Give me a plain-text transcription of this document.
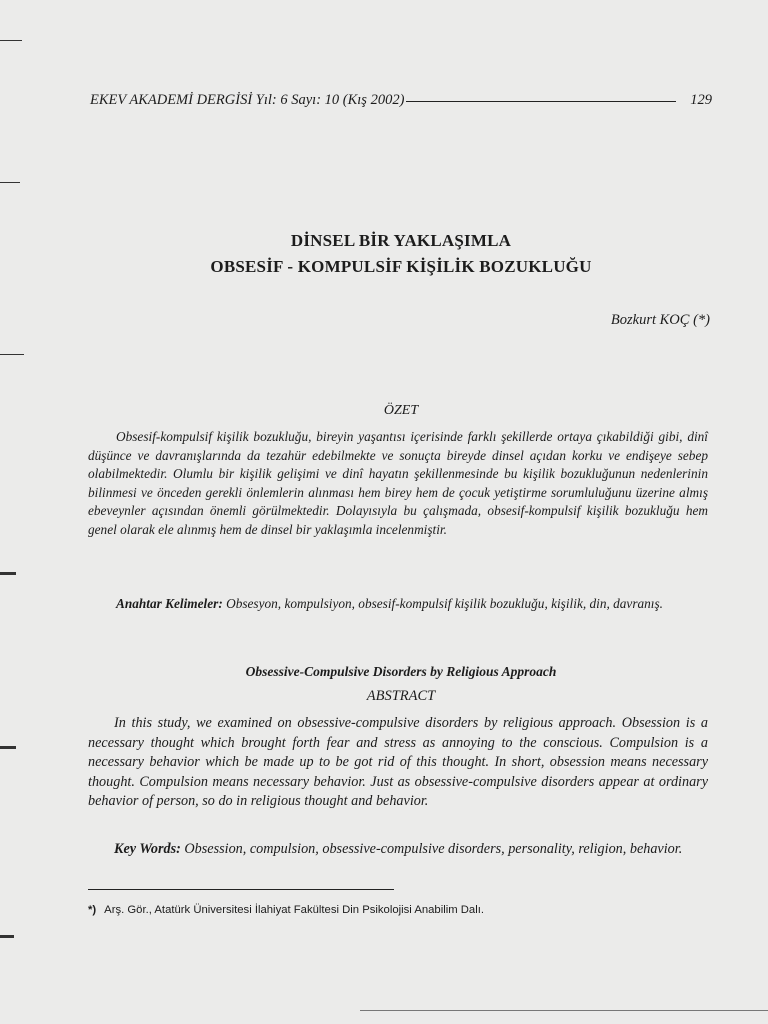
EKEV AKADEMİ DERGİSİ Yıl: 6 Sayı: 10 (Kış 2002)	129
DİNSEL BİR YAKLAŞIMLA
OBSESİF - KOMPULSİF KİŞİLİK BOZUKLUĞU
Bozkurt KOÇ (*)
ÖZET
Obsesif-kompulsif kişilik bozukluğu, bireyin yaşantısı içerisinde farklı şekillerde ortaya çıkabildiği gibi, dinî düşünce ve davranışlarında da tezahür edebilmekte ve sonuçta bireyde dinsel açıdan korku ve endişeye sebep olabilmektedir. Olumlu bir kişilik gelişimi ve dinî hayatın şekillenmesinde bu kişilik bozukluğunun nedenlerinin bilinmesi ve önceden gerekli önlemlerin alınması hem birey hem de çocuk yetiştirme sorumluluğunu üzerine almış ebeveynler açısından önemli görülmektedir. Dolayısıyla bu çalışmada, obsesif-kompulsif kişilik bozukluğu hem genel olarak ele alınmış hem de dinsel bir yaklaşımla incelenmiştir.
Anahtar Kelimeler: Obsesyon, kompulsiyon, obsesif-kompulsif kişilik bozukluğu, kişilik, din, davranış.
Obsessive-Compulsive Disorders by Religious Approach
ABSTRACT
In this study, we examined on obsessive-compulsive disorders by religious approach. Obsession is a necessary thought which brought forth fear and stress as annoying to the conscious. Compulsion is a necessary behavior which be made up to be got rid of this thought. In short, obsession means necessary thought. Compulsion means necessary behavior. Just as obsessive-compulsive disorders appear at ordinary behavior of person, so do in religious thought and behavior.
Key Words: Obsession, compulsion, obsessive-compulsive disorders, personality, religion, behavior.
*) Arş. Gör., Atatürk Üniversitesi İlahiyat Fakültesi Din Psikolojisi Anabilim Dalı.
